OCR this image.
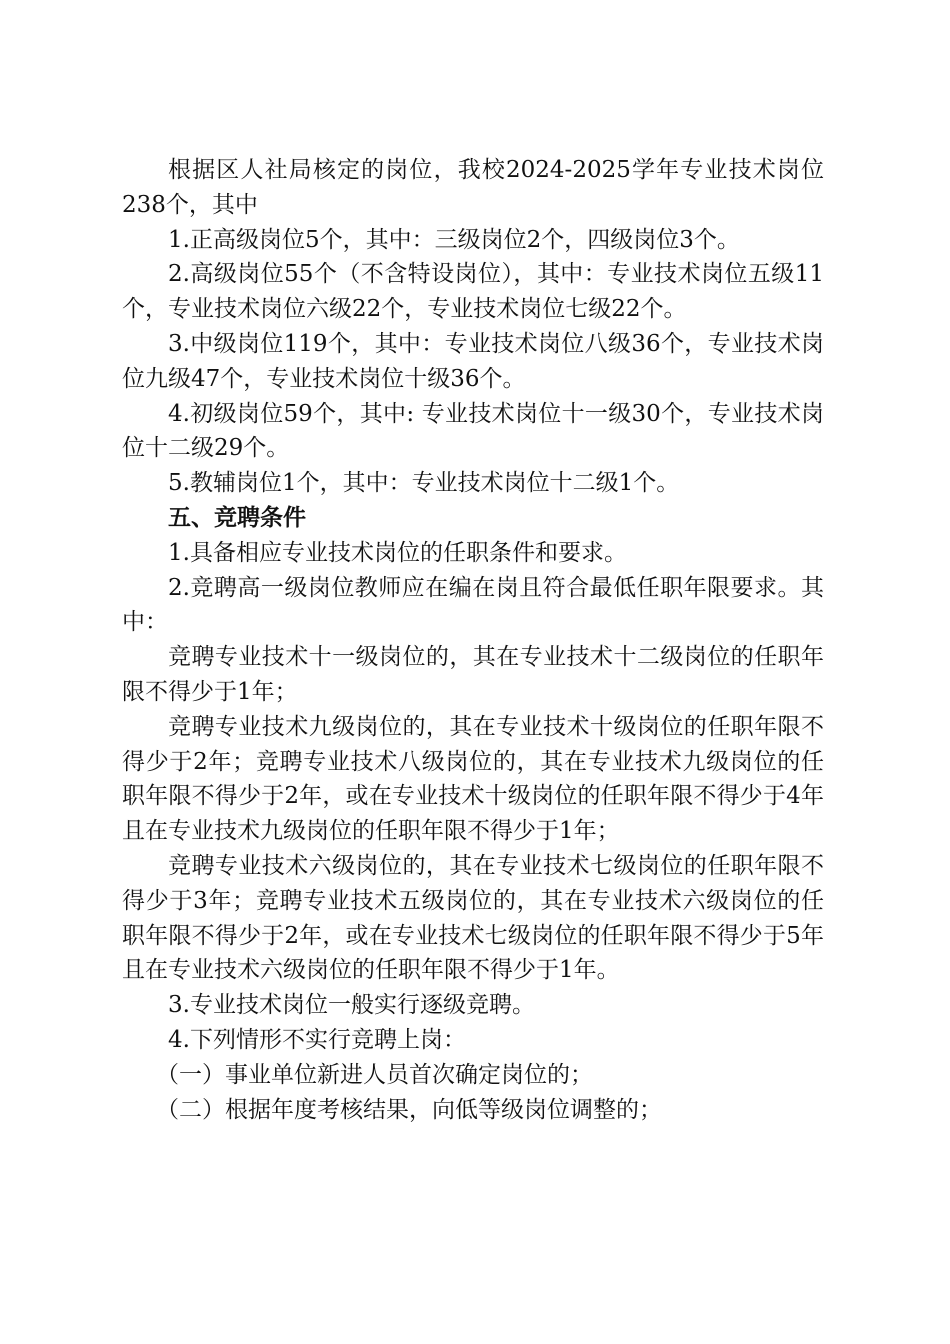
根据区人社局核定的岗位，我校2024-2025学年专业技术岗位238个，其中

1.正高级岗位5个，其中：三级岗位2个，四级岗位3个。

2.高级岗位55个（不含特设岗位），其中：专业技术岗位五级11个，专业技术岗位六级22个，专业技术岗位七级22个。

3.中级岗位119个，其中：专业技术岗位八级36个，专业技术岗位九级47个，专业技术岗位十级36个。

4.初级岗位59个，其中: 专业技术岗位十一级30个，专业技术岗位十二级29个。

5.教辅岗位1个，其中：专业技术岗位十二级1个。

五、竞聘条件

1.具备相应专业技术岗位的任职条件和要求。

2.竞聘高一级岗位教师应在编在岗且符合最低任职年限要求。其中：

竞聘专业技术十一级岗位的，其在专业技术十二级岗位的任职年限不得少于1年；

竞聘专业技术九级岗位的，其在专业技术十级岗位的任职年限不得少于2年；竞聘专业技术八级岗位的，其在专业技术九级岗位的任职年限不得少于2年，或在专业技术十级岗位的任职年限不得少于4年且在专业技术九级岗位的任职年限不得少于1年；

竞聘专业技术六级岗位的，其在专业技术七级岗位的任职年限不得少于3年；竞聘专业技术五级岗位的，其在专业技术六级岗位的任职年限不得少于2年，或在专业技术七级岗位的任职年限不得少于5年且在专业技术六级岗位的任职年限不得少于1年。

3.专业技术岗位一般实行逐级竞聘。

4.下列情形不实行竞聘上岗：

（一）事业单位新进人员首次确定岗位的；

（二）根据年度考核结果，向低等级岗位调整的；
